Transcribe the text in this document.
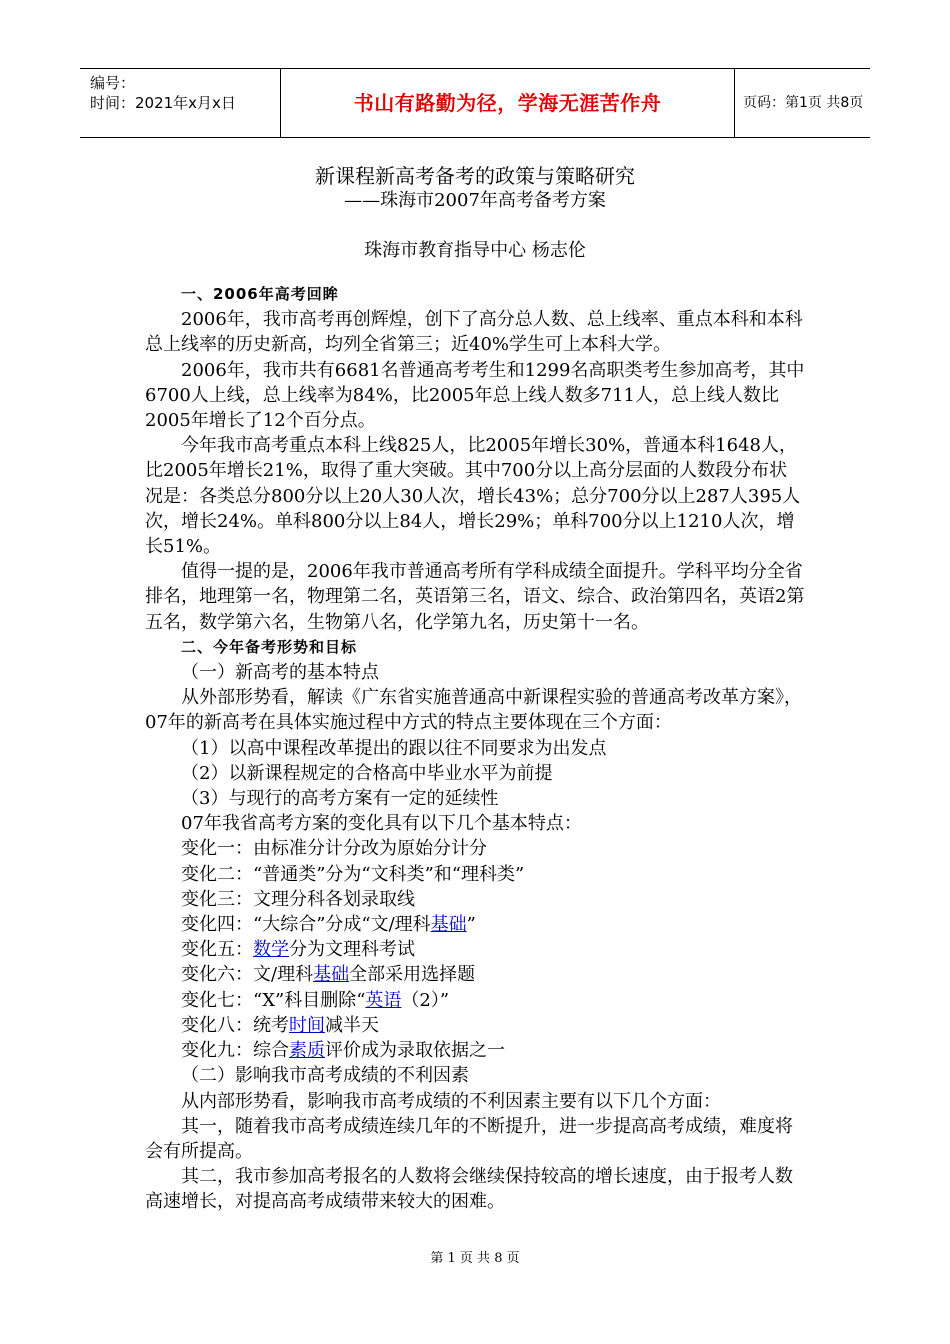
编号：
时间：2021年x月x日	书山有路勤为径，学海无涯苦作舟	页码：第1页 共8页
新课程新高考备考的政策与策略研究
——珠海市2007年高考备考方案
珠海市教育指导中心 杨志伦

一、2006年高考回眸

2006年，我市高考再创辉煌，创下了高分总人数、总上线率、重点本科和本科总上线率的历史新高，均列全省第三；近40%学生可上本科大学。

2006年，我市共有6681名普通高考考生和1299名高职类考生参加高考，其中6700人上线，总上线率为84%，比2005年总上线人数多711人，总上线人数比2005年增长了12个百分点。

今年我市高考重点本科上线825人，比2005年增长30%，普通本科1648人，比2005年增长21%，取得了重大突破。其中700分以上高分层面的人数段分布状况是：各类总分800分以上20人30人次，增长43%；总分700分以上287人395人次，增长24%。单科800分以上84人，增长29%；单科700分以上1210人次，增长51%。

值得一提的是，2006年我市普通高考所有学科成绩全面提升。学科平均分全省排名，地理第一名，物理第二名，英语第三名，语文、综合、政治第四名，英语2第五名，数学第六名，生物第八名，化学第九名，历史第十一名。

二、今年备考形势和目标

（一）新高考的基本特点

从外部形势看，解读《广东省实施普通高中新课程实验的普通高考改革方案》，07年的新高考在具体实施过程中方式的特点主要体现在三个方面：

（1）以高中课程改革提出的跟以往不同要求为出发点

（2）以新课程规定的合格高中毕业水平为前提

（3）与现行的高考方案有一定的延续性

07年我省高考方案的变化具有以下几个基本特点：

变化一：由标准分计分改为原始分计分

变化二：“普通类”分为“文科类”和“理科类”

变化三：文理分科各划录取线

变化四：“大综合”分成“文/理科基础”

变化五：数学分为文理科考试

变化六：文/理科基础全部采用选择题

变化七：“X”科目删除“英语（2）”

变化八：统考时间减半天

变化九：综合素质评价成为录取依据之一

（二）影响我市高考成绩的不利因素

从内部形势看，影响我市高考成绩的不利因素主要有以下几个方面：

其一，随着我市高考成绩连续几年的不断提升，进一步提高高考成绩，难度将会有所提高。

其二，我市参加高考报名的人数将会继续保持较高的增长速度，由于报考人数高速增长，对提高高考成绩带来较大的困难。

第 1 页 共 8 页
